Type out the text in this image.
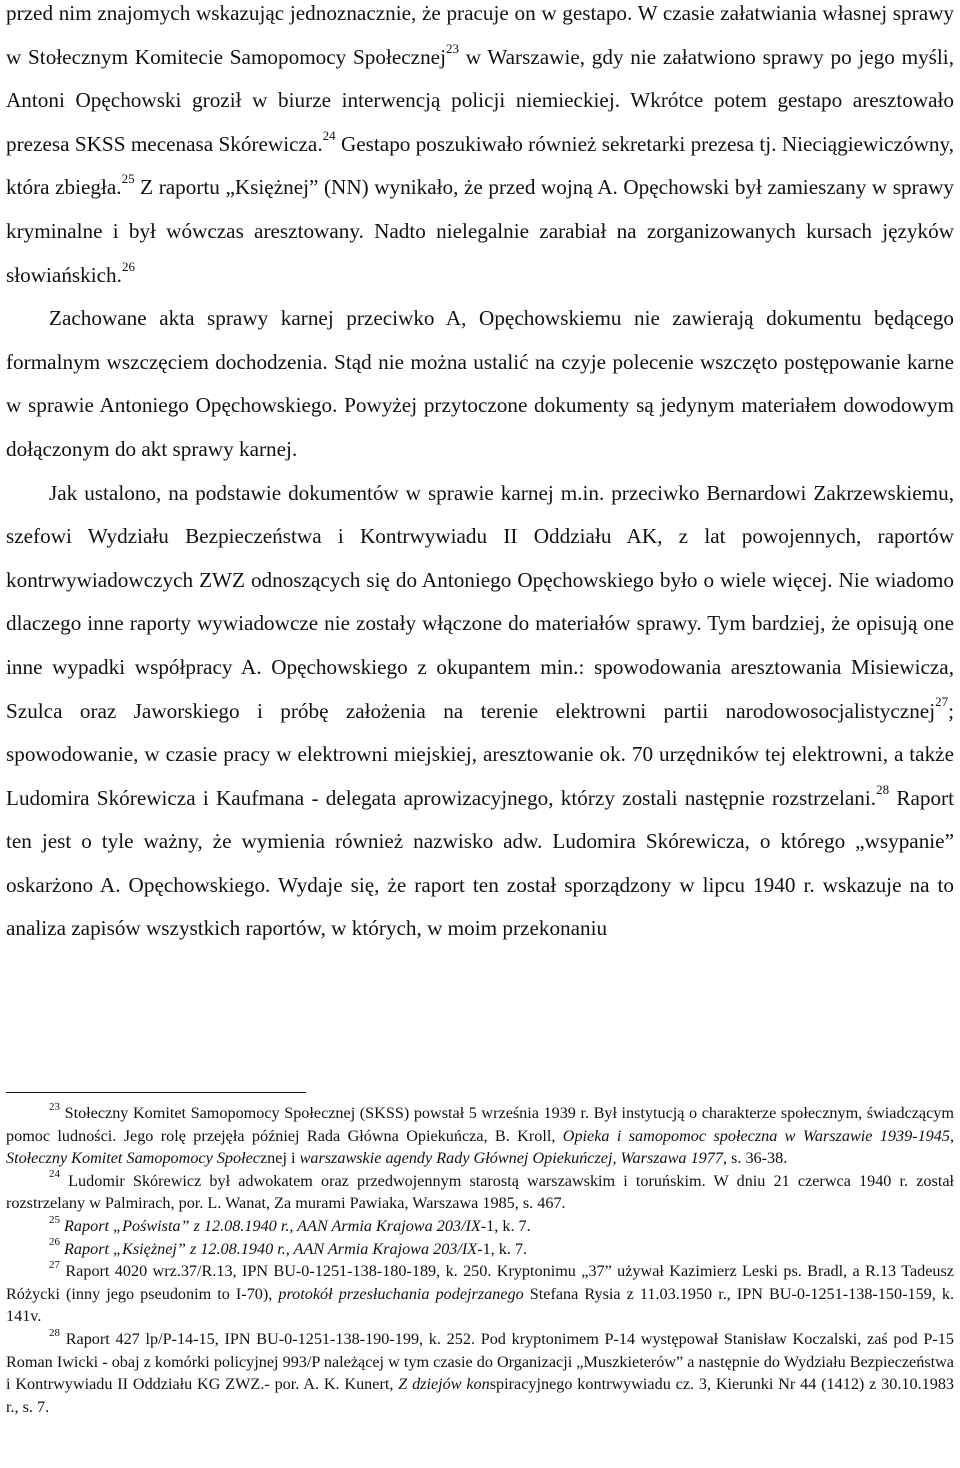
przed nim znajomych wskazując jednoznacznie, że pracuje on w gestapo. W czasie załatwiania własnej sprawy w Stołecznym Komitecie Samopomocy Społecznej$^{23}$ w Warszawie, gdy nie załatwiono sprawy po jego myśli, Antoni Opęchowski groził w biurze interwencją policji niemieckiej. Wkrótce potem gestapo aresztowało prezesa SKSS mecenasa Skórewicza.$^{24}$ Gestapo poszukiwało również sekretarki prezesa tj. Nieciągiewiczówny, która zbiegła.$^{25}$ Z raportu „Księżnej” (NN) wynikało, że przed wojną A. Opęchowski był zamieszany w sprawy kryminalne i był wówczas aresztowany. Nadto nielegalnie zarabiał na zorganizowanych kursach języków słowiańskich.$^{26}$

Zachowane akta sprawy karnej przeciwko A, Opęchowskiemu nie zawierają dokumentu będącego formalnym wszczęciem dochodzenia. Stąd nie można ustalić na czyje polecenie wszczęto postępowanie karne w sprawie Antoniego Opęchowskiego. Powyżej przytoczone dokumenty są jedynym materiałem dowodowym dołączonym do akt sprawy karnej.

Jak ustalono, na podstawie dokumentów w sprawie karnej m.in. przeciwko Bernardowi Zakrzewskiemu, szefowi Wydziału Bezpieczeństwa i Kontrwywiadu II Oddziału AK, z lat powojennych, raportów kontrwywiadowczych ZWZ odnoszących się do Antoniego Opęchowskiego było o wiele więcej. Nie wiadomo dlaczego inne raporty wywiadowcze nie zostały włączone do materiałów sprawy. Tym bardziej, że opisują one inne wypadki współpracy A. Opęchowskiego z okupantem min.: spowodowania aresztowania Misiewicza, Szulca oraz Jaworskiego i próbę założenia na terenie elektrowni partii narodowosocjalistycznej$^{27}$; spowodowanie, w czasie pracy w elektrowni miejskiej, aresztowanie ok. 70 urzędników tej elektrowni, a także Ludomira Skórewicza i Kaufmana - delegata aprowizacyjnego, którzy zostali następnie rozstrzelani.$^{28}$ Raport ten jest o tyle ważny, że wymienia również nazwisko adw. Ludomira Skórewicza, o którego „wsypanie” oskarżono A. Opęchowskiego. Wydaje się, że raport ten został sporządzony w lipcu 1940 r. wskazuje na to analiza zapisów wszystkich raportów, w których, w moim przekonaniu

$^{23}$ Stołeczny Komitet Samopomocy Społecznej (SKSS) powstał 5 września 1939 r. Był instytucją o charakterze społecznym, świadczącym pomoc ludności. Jego rolę przejęła później Rada Główna Opiekuńcza, B. Kroll, Opieka i samopomoc społeczna w Warszawie 1939-1945, Stołeczny Komitet Samopomocy Społecznej i warszawskie agendy Rady Głównej Opiekuńczej, Warszawa 1977, s. 36-38.

$^{24}$ Ludomir Skórewicz był adwokatem oraz przedwojennym starostą warszawskim i toruńskim. W dniu 21 czerwca 1940 r. został rozstrzelany w Palmirach, por. L. Wanat, Za murami Pawiaka, Warszawa 1985, s. 467.

$^{25}$ Raport „Pośwista” z 12.08.1940 r., AAN Armia Krajowa 203/IX-1, k. 7.

$^{26}$ Raport „Księżnej” z 12.08.1940 r., AAN Armia Krajowa 203/IX-1, k. 7.

$^{27}$ Raport 4020 wrz.37/R.13, IPN BU-0-1251-138-180-189, k. 250. Kryptonimu „37” używał Kazimierz Leski ps. Bradl, a R.13 Tadeusz Różycki (inny jego pseudonim to I-70), protokół przesłuchania podejrzanego Stefana Rysia z 11.03.1950 r., IPN BU-0-1251-138-150-159, k. 141v.

$^{28}$ Raport 427 lp/P-14-15, IPN BU-0-1251-138-190-199, k. 252. Pod kryptonimem P-14 występował Stanisław Koczalski, zaś pod P-15 Roman Iwicki - obaj z komórki policyjnej 993/P należącej w tym czasie do Organizacji „Muszkieterów” a następnie do Wydziału Bezpieczeństwa i Kontrwywiadu II Oddziału KG ZWZ.- por. A. K. Kunert, Z dziejów konspiracyjnego kontrwywiadu cz. 3, Kierunki Nr 44 (1412) z 30.10.1983 r., s. 7.
